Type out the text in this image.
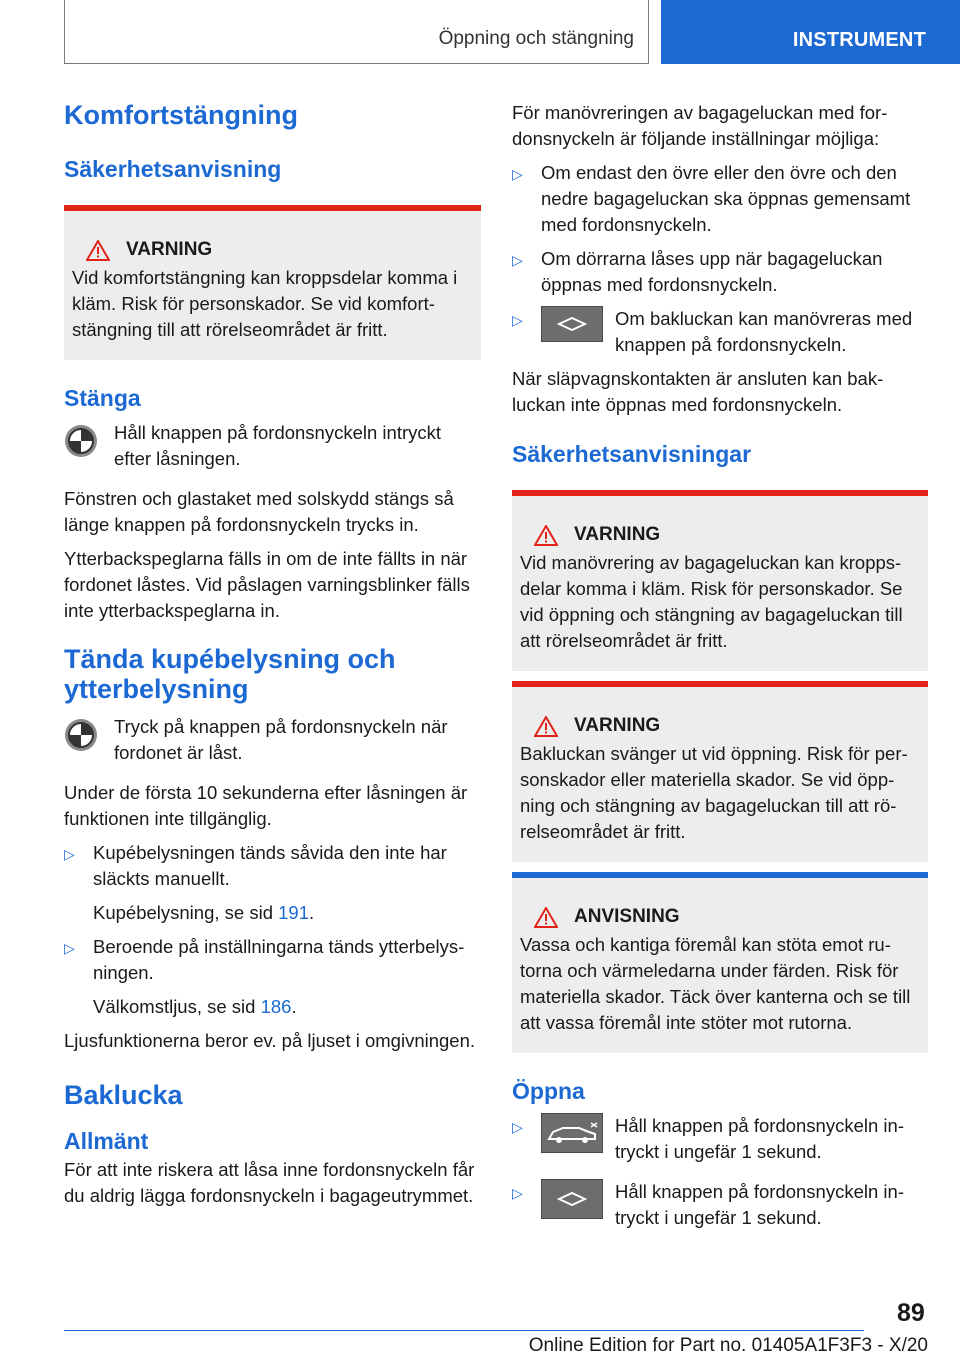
Öppning och stängning	INSTRUMENT
Komfortstängning
Säkerhetsanvisning
VARNING

Vid komfortstängning kan kroppsdelar komma i kläm. Risk för personskador. Se vid komfortstängning till att rörelseområdet är fritt.

Stänga

Håll knappen på fordonsnyckeln intryckt efter låsningen.

Fönstren och glastaket med solskydd stängs så länge knappen på fordonsnyckeln trycks in.

Ytterbackspeglarna fälls in om de inte fällts in när fordonet låstes. Vid påslagen varningsblinker fälls inte ytterbackspeglarna in.

Tända kupébelysning och ytterbelysning

Tryck på knappen på fordonsnyckeln när fordonet är låst.

Under de första 10 sekunderna efter låsningen är funktionen inte tillgänglig.

▷ Kupébelysningen tänds såvida den inte har släckts manuellt.

Kupébelysning, se sid 191.

▷ Beroende på inställningarna tänds ytterbelysningen.

Välkomstljus, se sid 186.

Ljusfunktionerna beror ev. på ljuset i omgivningen.

Baklucka
Allmänt

För att inte riskera att låsa inne fordonsnyckeln får du aldrig lägga fordonsnyckeln i bagageutrymmet.

För manövreringen av bagageluckan med fordonsnyckeln är följande inställningar möjliga:

▷ Om endast den övre eller den övre och den nedre bagageluckan ska öppnas gemensamt med fordonsnyckeln.

▷ Om dörrarna låses upp när bagageluckan öppnas med fordonsnyckeln.

▷	Om bakluckan kan manövreras med knappen på fordonsnyckeln.

När släpvagnskontakten är ansluten kan bakluckan inte öppnas med fordonsnyckeln.

Säkerhetsanvisningar
VARNING

Vid manövrering av bagageluckan kan kroppsdelar komma i kläm. Risk för personskador. Se vid öppning och stängning av bagageluckan till att rörelseområdet är fritt.

VARNING

Bakluckan svänger ut vid öppning. Risk för personskador eller materiella skador. Se vid öppning och stängning av bagageluckan till att rörelseområdet är fritt.

ANVISNING

Vassa och kantiga föremål kan stöta emot rutorna och värmeledarna under färden. Risk för materiella skador. Täck över kanterna och se till att vassa föremål inte stöter mot rutorna.

Öppna
▷	Håll knappen på fordonsnyckeln intryckt i ungefär 1 sekund.

▷	Håll knappen på fordonsnyckeln intryckt i ungefär 1 sekund.

89
Online Edition for Part no. 01405A1F3F3 - X/20
